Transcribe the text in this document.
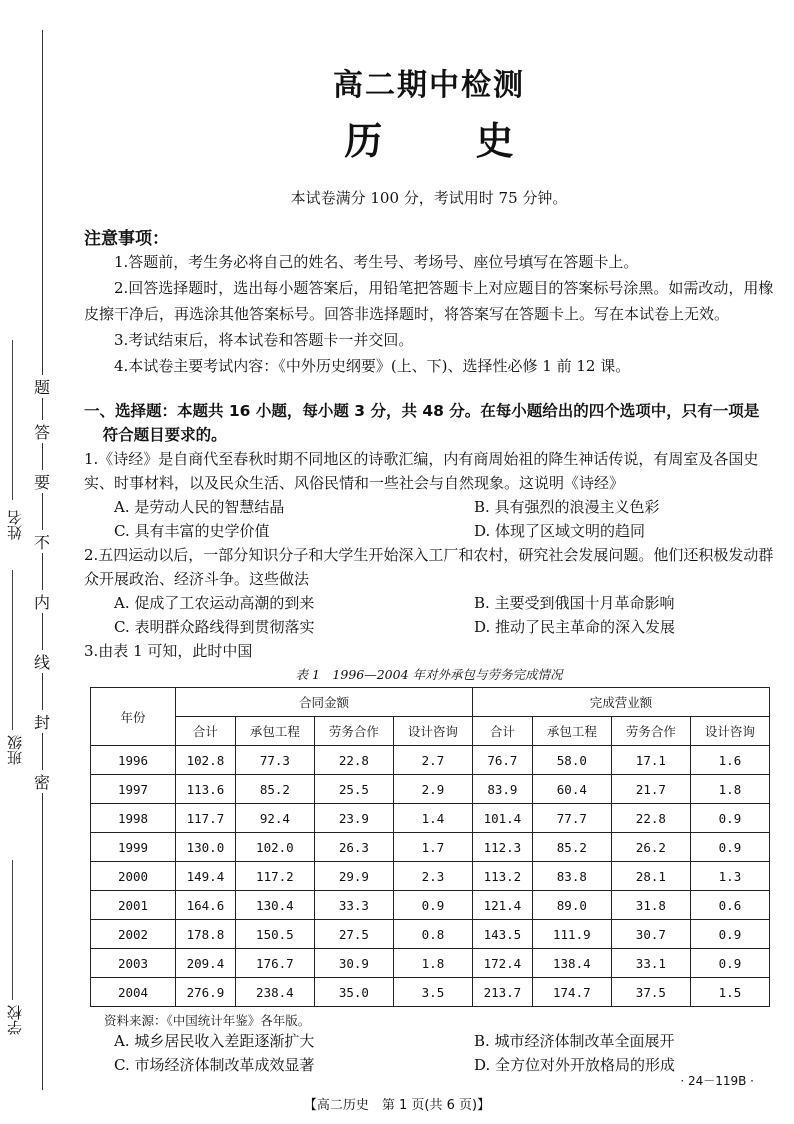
密
封
线
内
不
要
答
题
学校
班级
姓名
高二期中检测
历 史
本试卷满分 100 分，考试用时 75 分钟。
注意事项：

1.答题前，考生务必将自己的姓名、考生号、考场号、座位号填写在答题卡上。

2.回答选择题时，选出每小题答案后，用铅笔把答题卡上对应题目的答案标号涂黑。如需改动，用橡皮擦干净后，再选涂其他答案标号。回答非选择题时，将答案写在答题卡上。写在本试卷上无效。

3.考试结束后，将本试卷和答题卡一并交回。

4.本试卷主要考试内容：《中外历史纲要》(上、下)、选择性必修 1 前 12 课。

一、选择题：本题共 16 小题，每小题 3 分，共 48 分。在每小题给出的四个选项中，只有一项是符合题目要求的。

1.《诗经》是自商代至春秋时期不同地区的诗歌汇编，内有商周始祖的降生神话传说，有周室及各国史实、时事材料，以及民众生活、风俗民情和一些社会与自然现象。这说明《诗经》

A. 是劳动人民的智慧结晶	B. 具有强烈的浪漫主义色彩
C. 具有丰富的史学价值	D. 体现了区域文明的趋同

2.五四运动以后，一部分知识分子和大学生开始深入工厂和农村，研究社会发展问题。他们还积极发动群众开展政治、经济斗争。这些做法

A. 促成了工农运动高潮的到来	B. 主要受到俄国十月革命影响
C. 表明群众路线得到贯彻落实	D. 推动了民主革命的深入发展

3.由表 1 可知，此时中国

表 1　1996—2004 年对外承包与劳务完成情况
年份	合同金额				完成营业额			
	合计	承包工程	劳务合作	设计咨询	合计	承包工程	劳务合作	设计咨询
1996	102.8	77.3	22.8	2.7	76.7	58.0	17.1	1.6
1997	113.6	85.2	25.5	2.9	83.9	60.4	21.7	1.8
1998	117.7	92.4	23.9	1.4	101.4	77.7	22.8	0.9
1999	130.0	102.0	26.3	1.7	112.3	85.2	26.2	0.9
2000	149.4	117.2	29.9	2.3	113.2	83.8	28.1	1.3
2001	164.6	130.4	33.3	0.9	121.4	89.0	31.8	0.6
2002	178.8	150.5	27.5	0.8	143.5	111.9	30.7	0.9
2003	209.4	176.7	30.9	1.8	172.4	138.4	33.1	0.9
2004	276.9	238.4	35.0	3.5	213.7	174.7	37.5	1.5
资料来源：《中国统计年鉴》各年版。
A. 城乡居民收入差距逐渐扩大	B. 城市经济体制改革全面展开
C. 市场经济体制改革成效显著	D. 全方位对外开放格局的形成
· 24－119B ·
【高二历史　第 1 页(共 6 页)】
